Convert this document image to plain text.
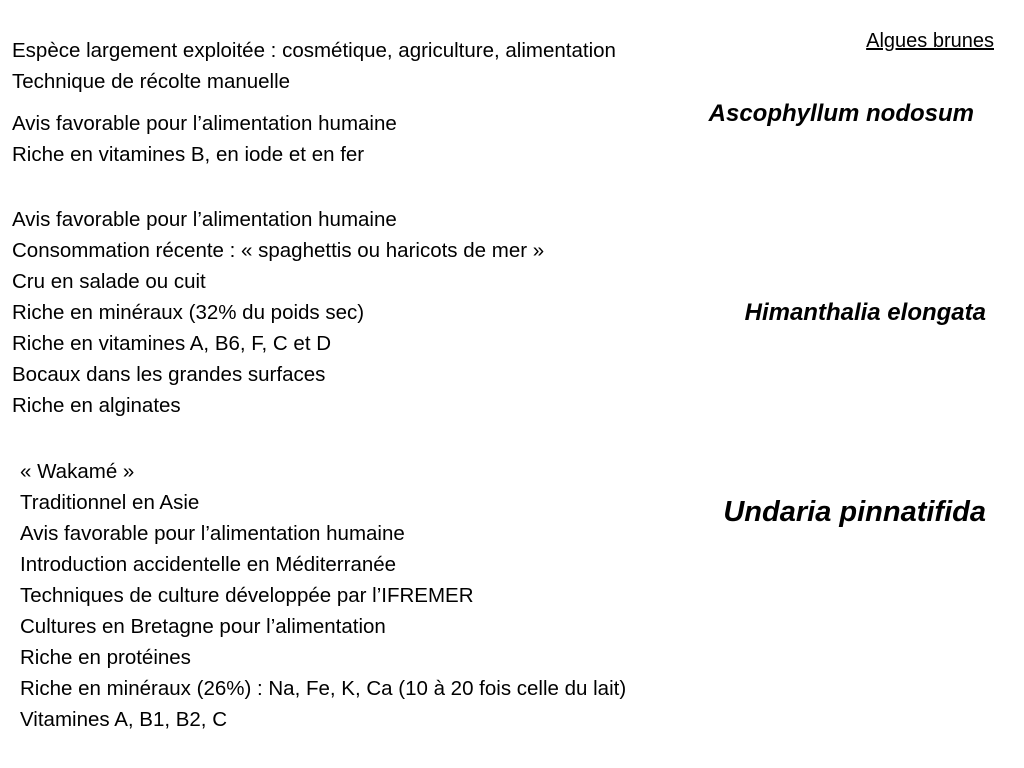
Algues brunes
Espèce largement exploitée : cosmétique, agriculture, alimentation
Technique de récolte manuelle
Ascophyllum nodosum
Avis favorable pour l’alimentation humaine
Riche en vitamines B, en iode et en fer
Himanthalia elongata
Avis favorable pour l’alimentation humaine
Consommation récente : « spaghettis ou haricots de mer »
Cru en salade ou cuit
Riche en minéraux (32% du poids sec)
Riche en vitamines A, B6, F, C et D
Bocaux dans les grandes surfaces
Riche en alginates
Undaria pinnatifida
« Wakamé »
Traditionnel en Asie
Avis favorable pour l’alimentation humaine
Introduction accidentelle en Méditerranée
Techniques de culture développée par l’IFREMER
Cultures en Bretagne pour l’alimentation
Riche en protéines
Riche en minéraux (26%) : Na, Fe, K, Ca (10 à 20 fois celle du lait)
Vitamines A, B1, B2, C
